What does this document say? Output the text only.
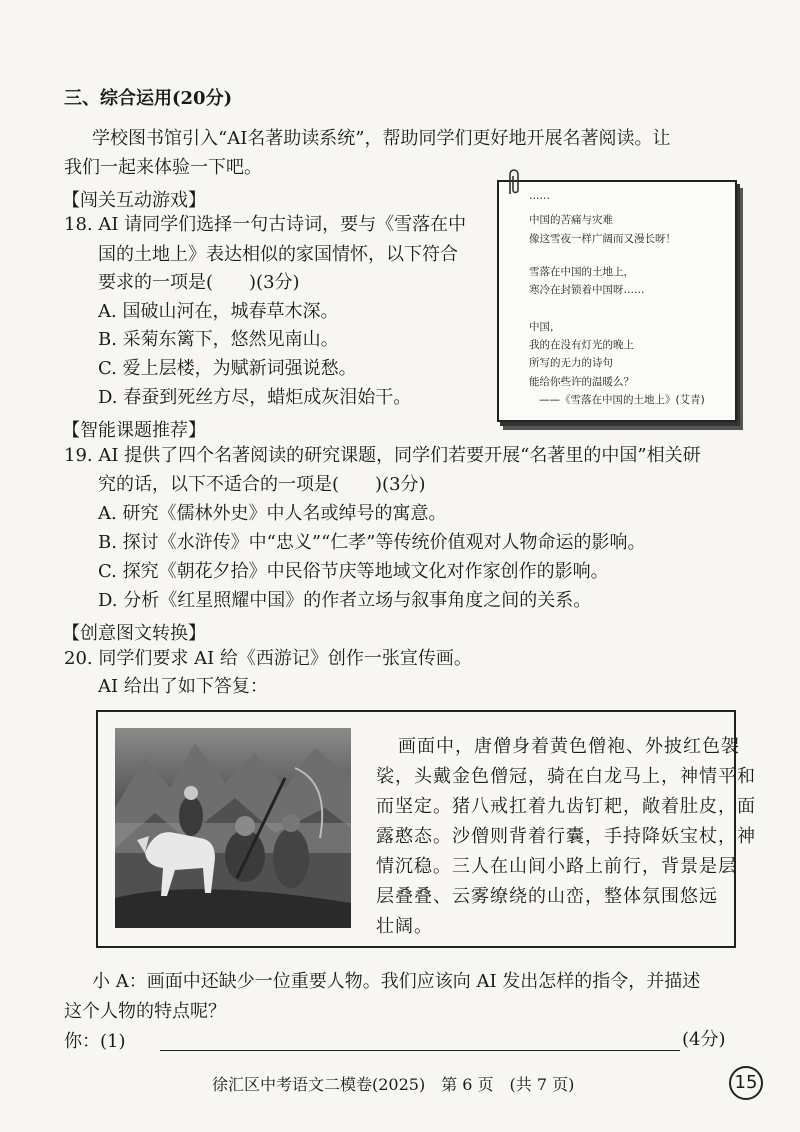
三、综合运用(20分)
学校图书馆引入“AI名著助读系统”，帮助同学们更好地开展名著阅读。让
我们一起来体验一下吧。
【闯关互动游戏】
18. AI 请同学们选择一句古诗词，要与《雪落在中
国的土地上》表达相似的家国情怀，以下符合
要求的一项是(　　)(3分)
A. 国破山河在，城春草木深。
B. 采菊东篱下，悠然见南山。
C. 爱上层楼，为赋新词强说愁。
D. 春蚕到死丝方尽，蜡炬成灰泪始干。
……
中国的苦痛与灾难
像这雪夜一样广阔而又漫长呀！
雪落在中国的土地上，
寒冷在封锁着中国呀……
中国，
我的在没有灯光的晚上
所写的无力的诗句
能给你些许的温暖么？
——《雪落在中国的土地上》(艾青)
【智能课题推荐】
19. AI 提供了四个名著阅读的研究课题，同学们若要开展“名著里的中国”相关研
究的话，以下不适合的一项是(　　)(3分)
A. 研究《儒林外史》中人名或绰号的寓意。
B. 探讨《水浒传》中“忠义”“仁孝”等传统价值观对人物命运的影响。
C. 探究《朝花夕拾》中民俗节庆等地域文化对作家创作的影响。
D. 分析《红星照耀中国》的作者立场与叙事角度之间的关系。
【创意图文转换】
20. 同学们要求 AI 给《西游记》创作一张宣传画。
AI 给出了如下答复：
画面中，唐僧身着黄色僧袍、外披红色袈
裟，头戴金色僧冠，骑在白龙马上，神情平和
而坚定。猪八戒扛着九齿钉耙，敞着肚皮，面
露憨态。沙僧则背着行囊，手持降妖宝杖，神
情沉稳。三人在山间小路上前行，背景是层
层叠叠、云雾缭绕的山峦，整体氛围悠远
壮阔。
小 A：画面中还缺少一位重要人物。我们应该向 AI 发出怎样的指令，并描述
这个人物的特点呢？
你：(1)	(4分)
徐汇区中考语文二模卷(2025)　第 6 页　(共 7 页)	15
